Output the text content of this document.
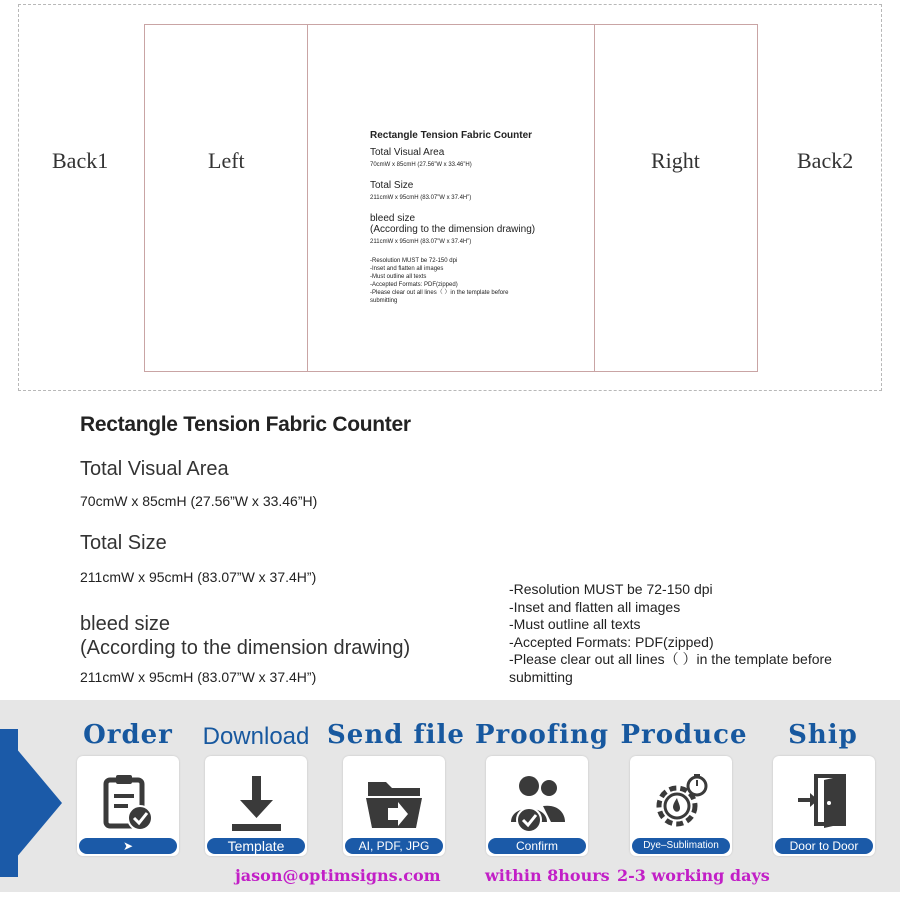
Back1	Left	Right	Back2
Rectangle Tension Fabric Counter
Total Visual Area
70cmW x 85cmH (27.56”W x 33.46”H)
Total Size
211cmW x 95cmH (83.07”W x 37.4H”)
bleed size
(According to the dimension drawing)
211cmW x 95cmH (83.07”W x 37.4H”)
-Resolution MUST be 72-150 dpi
-Inset and flatten all images
-Must outline all texts
-Accepted Formats: PDF(zipped)
-Please clear out all lines（ ）in the template before
submitting
Rectangle Tension Fabric Counter
Total Visual Area
70cmW x 85cmH (27.56”W x 33.46”H)
Total Size
211cmW x 95cmH (83.07”W x 37.4H”)
bleed size
(According to the dimension drawing)
211cmW x 95cmH (83.07”W x 37.4H”)
-Resolution MUST be 72-150 dpi
-Inset and flatten all images
-Must outline all texts
-Accepted Formats: PDF(zipped)
-Please clear out all lines（ ）in the template before
submitting
Order
➤
Download
Template
Send file
AI, PDF, JPG
Proofing
Confirm
Produce
Dye–Sublimation
Ship
Door to Door
jason@optimsigns.com	within 8hours 2-3 working days
